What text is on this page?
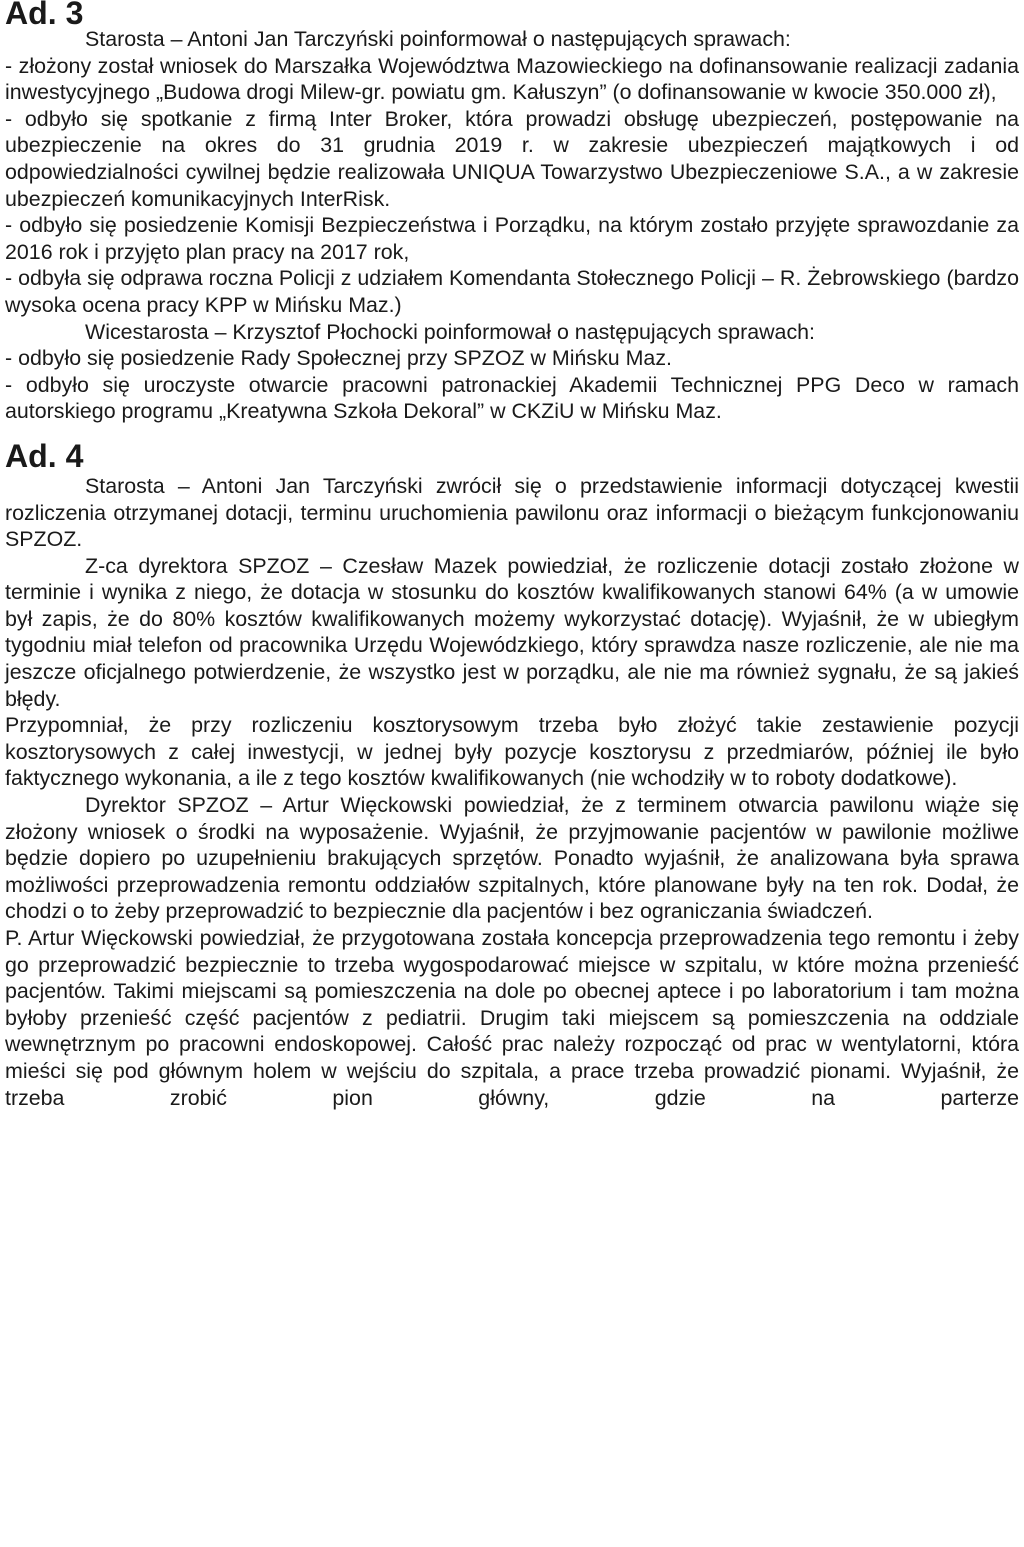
Ad. 3

Starosta – Antoni Jan Tarczyński poinformował o następujących sprawach:

- złożony został wniosek do Marszałka Województwa Mazowieckiego na dofinansowanie realizacji zadania inwestycyjnego „Budowa drogi Milew-gr. powiatu gm. Kałuszyn” (o dofinansowanie w kwocie 350.000 zł),

- odbyło się spotkanie z firmą Inter Broker, która prowadzi obsługę ubezpieczeń, postępowanie na ubezpieczenie na okres do 31 grudnia 2019 r. w zakresie ubezpieczeń majątkowych i od odpowiedzialności cywilnej będzie realizowała UNIQUA Towarzystwo Ubezpieczeniowe S.A., a w zakresie ubezpieczeń komunikacyjnych InterRisk.

- odbyło się posiedzenie Komisji Bezpieczeństwa i Porządku, na którym zostało przyjęte sprawozdanie za 2016 rok i przyjęto plan pracy na 2017 rok,

- odbyła się odprawa roczna Policji z udziałem Komendanta Stołecznego Policji – R. Żebrowskiego (bardzo wysoka ocena pracy KPP w Mińsku Maz.)

Wicestarosta – Krzysztof Płochocki poinformował o następujących sprawach:

- odbyło się posiedzenie Rady Społecznej przy SPZOZ w Mińsku Maz.

- odbyło się uroczyste otwarcie pracowni patronackiej Akademii Technicznej PPG Deco w ramach autorskiego programu „Kreatywna Szkoła Dekoral” w CKZiU w Mińsku Maz.

Ad. 4

Starosta – Antoni Jan Tarczyński zwrócił się o przedstawienie informacji dotyczącej kwestii rozliczenia otrzymanej dotacji, terminu uruchomienia pawilonu oraz informacji o bieżącym funkcjonowaniu SPZOZ.

Z-ca dyrektora SPZOZ – Czesław Mazek powiedział, że rozliczenie dotacji zostało złożone w terminie i wynika z niego, że dotacja w stosunku do kosztów kwalifikowanych stanowi 64% (a w umowie był zapis, że do 80% kosztów kwalifikowanych możemy wykorzystać dotację). Wyjaśnił, że w ubiegłym tygodniu miał telefon od pracownika Urzędu Wojewódzkiego, który sprawdza nasze rozliczenie, ale nie ma jeszcze oficjalnego potwierdzenie, że wszystko jest w porządku, ale nie ma również sygnału, że są jakieś błędy.

Przypomniał, że przy rozliczeniu kosztorysowym trzeba było złożyć takie zestawienie pozycji kosztorysowych z całej inwestycji, w jednej były pozycje kosztorysu z przedmiarów, później ile było faktycznego wykonania, a ile z tego kosztów kwalifikowanych (nie wchodziły w to roboty dodatkowe).

Dyrektor SPZOZ – Artur Więckowski powiedział, że z terminem otwarcia pawilonu wiąże się złożony wniosek o środki na wyposażenie. Wyjaśnił, że przyjmowanie pacjentów w pawilonie możliwe będzie dopiero po uzupełnieniu brakujących sprzętów. Ponadto wyjaśnił, że analizowana była sprawa możliwości przeprowadzenia remontu oddziałów szpitalnych, które planowane były na ten rok. Dodał, że chodzi o to żeby przeprowadzić to bezpiecznie dla pacjentów i bez ograniczania świadczeń.

P. Artur Więckowski powiedział, że przygotowana została koncepcja przeprowadzenia tego remontu i żeby go przeprowadzić bezpiecznie to trzeba wygospodarować miejsce w szpitalu, w które można przenieść pacjentów. Takimi miejscami są pomieszczenia na dole po obecnej aptece i po laboratorium i tam można byłoby przenieść część pacjentów z pediatrii. Drugim taki miejscem są pomieszczenia na oddziale wewnętrznym po pracowni endoskopowej. Całość prac należy rozpocząć od prac w wentylatorni, która mieści się pod głównym holem w wejściu do szpitala, a prace trzeba prowadzić pionami. Wyjaśnił, że trzeba zrobić pion główny, gdzie na parterze
